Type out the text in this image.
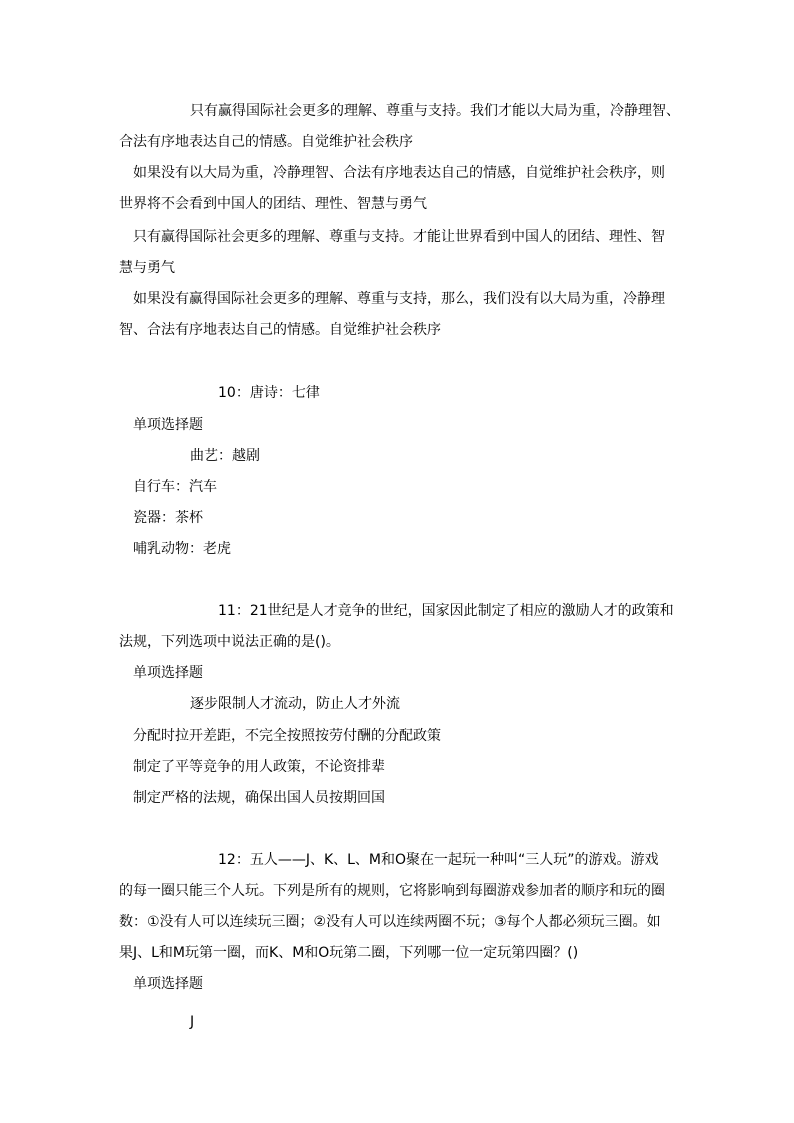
只有赢得国际社会更多的理解、尊重与支持。我们才能以大局为重，冷静理智、
合法有序地表达自己的情感。自觉维护社会秩序
如果没有以大局为重，冷静理智、合法有序地表达自己的情感，自觉维护社会秩序，则
世界将不会看到中国人的团结、理性、智慧与勇气
只有赢得国际社会更多的理解、尊重与支持。才能让世界看到中国人的团结、理性、智
慧与勇气
如果没有赢得国际社会更多的理解、尊重与支持，那么，我们没有以大局为重，冷静理
智、合法有序地表达自己的情感。自觉维护社会秩序
10：唐诗：七律
单项选择题
曲艺：越剧
自行车：汽车
瓷器：茶杯
哺乳动物：老虎
11：21世纪是人才竞争的世纪，国家因此制定了相应的激励人才的政策和
法规，下列选项中说法正确的是()。
单项选择题
逐步限制人才流动，防止人才外流
分配时拉开差距，不完全按照按劳付酬的分配政策
制定了平等竞争的用人政策，不论资排辈
制定严格的法规，确保出国人员按期回国
12：五人——J、K、L、M和O聚在一起玩一种叫“三人玩”的游戏。游戏
的每一圈只能三个人玩。下列是所有的规则，它将影响到每圈游戏参加者的顺序和玩的圈
数：①没有人可以连续玩三圈；②没有人可以连续两圈不玩；③每个人都必须玩三圈。如
果J、L和M玩第一圈，而K、M和O玩第二圈，下列哪一位一定玩第四圈？()
单项选择题
J
